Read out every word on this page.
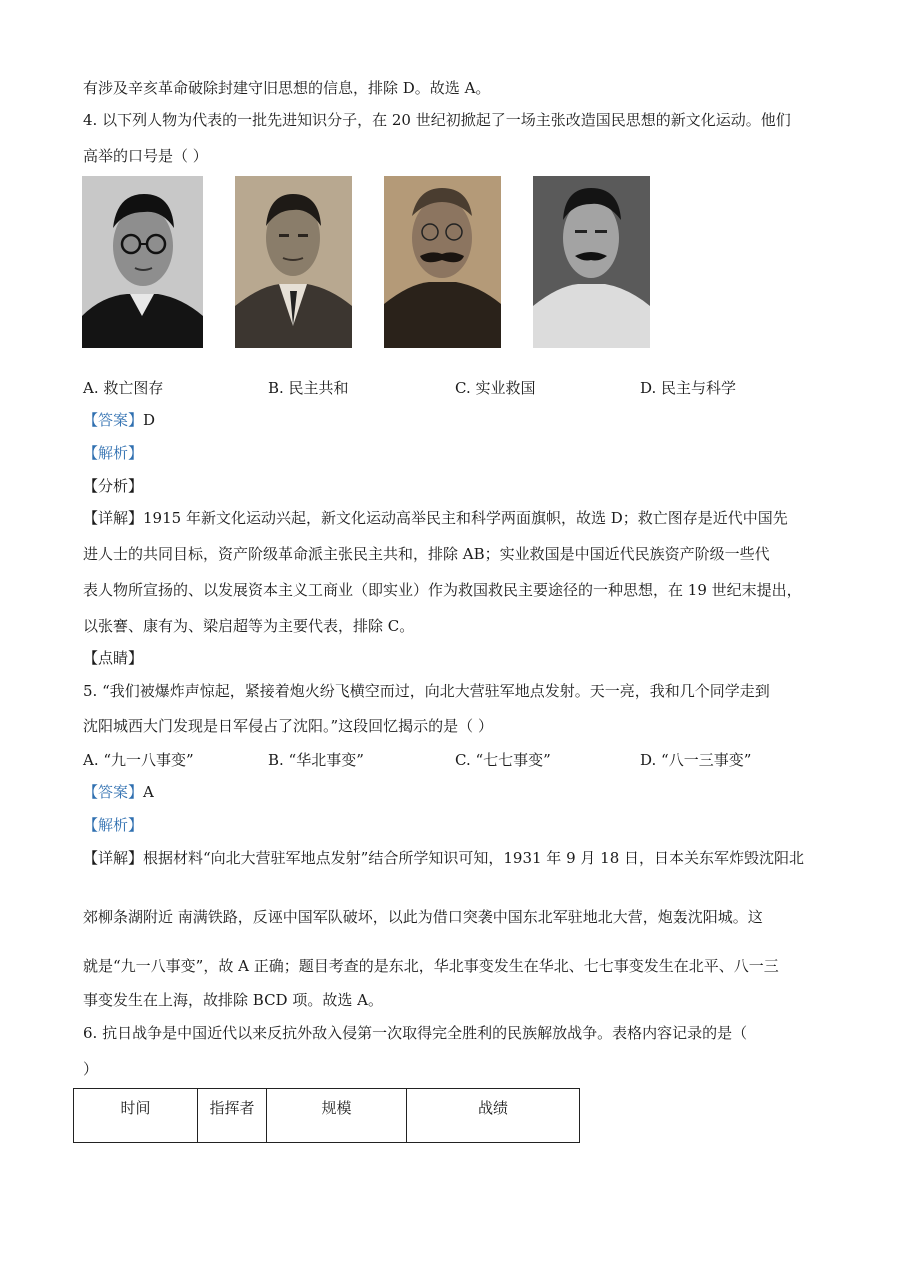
有涉及辛亥革命破除封建守旧思想的信息，排除 D。故选 A。
4. 以下列人物为代表的一批先进知识分子，在 20 世纪初掀起了一场主张改造国民思想的新文化运动。他们
高举的口号是（ ）
A. 救亡图存	B. 民主共和	C. 实业救国	D. 民主与科学
【答案】D
【解析】
【分析】
【详解】1915 年新文化运动兴起，新文化运动高举民主和科学两面旗帜，故选 D；救亡图存是近代中国先
进人士的共同目标，资产阶级革命派主张民主共和，排除 AB；实业救国是中国近代民族资产阶级一些代
表人物所宣扬的、以发展资本主义工商业（即实业）作为救国救民主要途径的一种思想，在 19 世纪末提出，
以张謇、康有为、梁启超等为主要代表，排除 C。
【点睛】
5. “我们被爆炸声惊起，紧接着炮火纷飞横空而过，向北大营驻军地点发射。天一亮，我和几个同学走到
沈阳城西大门发现是日军侵占了沈阳。”这段回忆揭示的是（ ）
A. “九一八事变”	B. “华北事变”	C. “七七事变”	D. “八一三事变”
【答案】A
【解析】
【详解】根据材料“向北大营驻军地点发射”结合所学知识可知，1931 年 9 月 18 日，日本关东军炸毁沈阳北
郊柳条湖附近 南满铁路，反诬中国军队破坏，以此为借口突袭中国东北军驻地北大营，炮轰沈阳城。这
就是“九一八事变”，故 A 正确；题目考查的是东北，华北事变发生在华北、七七事变发生在北平、八一三
事变发生在上海，故排除 BCD 项。故选 A。
6. 抗日战争是中国近代以来反抗外敌入侵第一次取得完全胜利的民族解放战争。表格内容记录的是（
）
时间	指挥者	规模	战绩
